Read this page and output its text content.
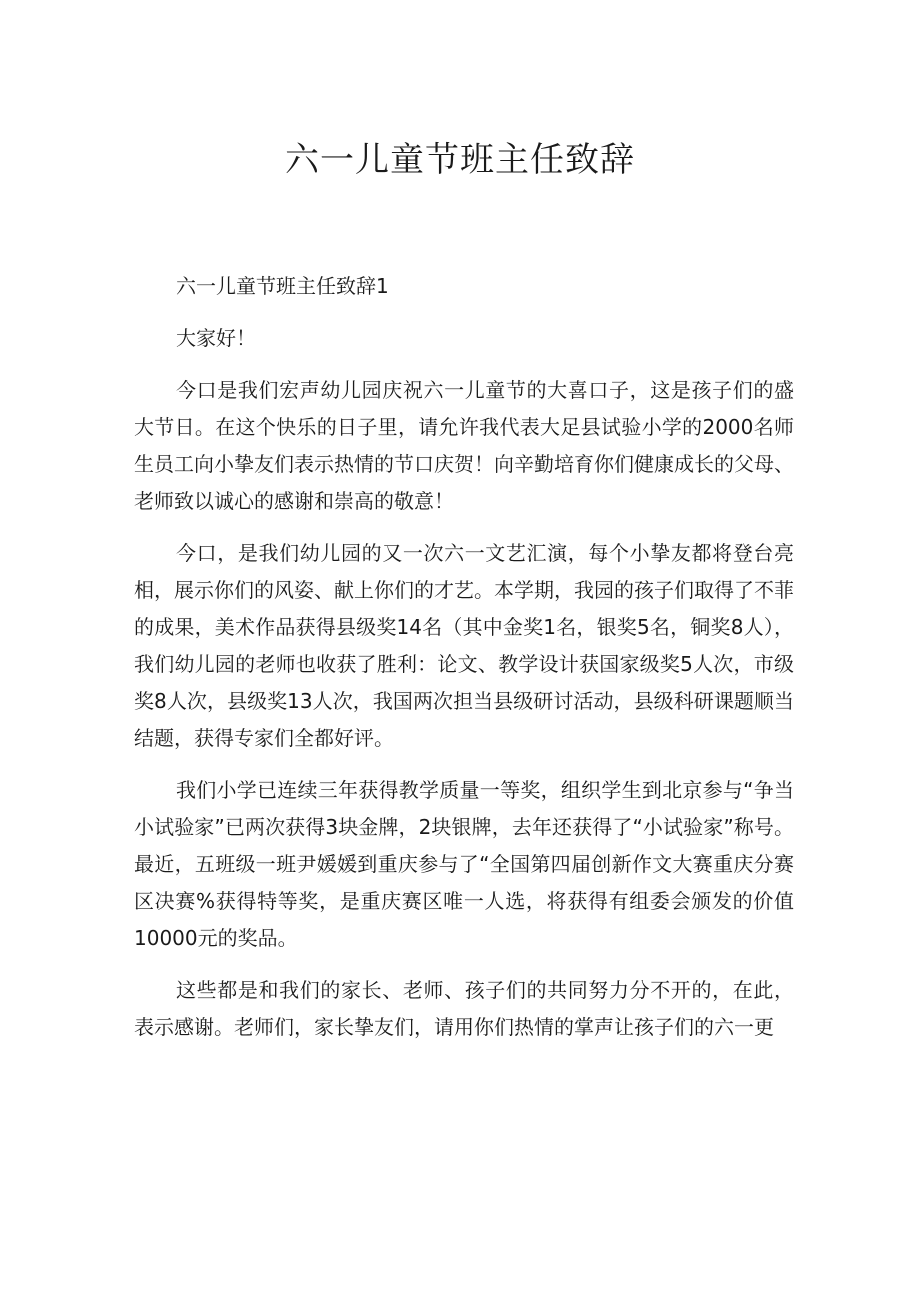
六一儿童节班主任致辞

六一儿童节班主任致辞1

大家好！

今口是我们宏声幼儿园庆祝六一儿童节的大喜口子，这是孩子们的盛大节日。在这个快乐的日子里，请允许我代表大足县试验小学的2000名师生员工向小挚友们表示热情的节口庆贺！向辛勤培育你们健康成长的父母、老师致以诚心的感谢和崇高的敬意！

今口，是我们幼儿园的又一次六一文艺汇演，每个小挚友都将登台亮相，展示你们的风姿、献上你们的才艺。本学期，我园的孩子们取得了不菲的成果，美术作品获得县级奖14名（其中金奖1名，银奖5名，铜奖8人），我们幼儿园的老师也收获了胜利：论文、教学设计获国家级奖5人次，市级奖8人次，县级奖13人次，我国两次担当县级研讨活动，县级科研课题顺当结题，获得专家们全都好评。

我们小学已连续三年获得教学质量一等奖，组织学生到北京参与“争当小试验家”已两次获得3块金牌，2块银牌，去年还获得了“小试验家”称号。最近，五班级一班尹媛媛到重庆参与了“全国第四届创新作文大赛重庆分赛区决赛%获得特等奖，是重庆赛区唯一人选，将获得有组委会颁发的价值10000元的奖品。

这些都是和我们的家长、老师、孩子们的共同努力分不开的，在此，表示感谢。老师们，家长挚友们，请用你们热情的掌声让孩子们的六一更
